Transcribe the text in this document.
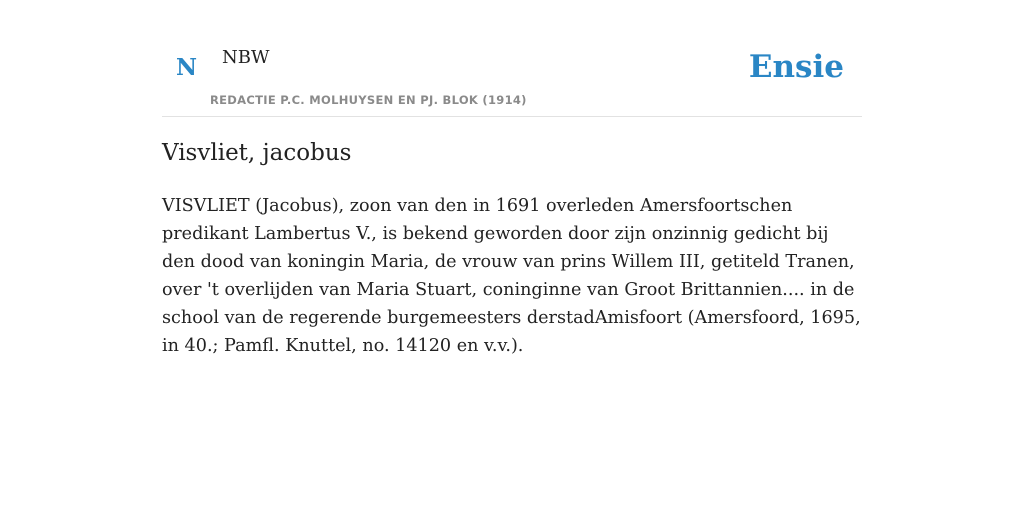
N NBW
REDACTIE P.C. MOLHUYSEN EN PJ. BLOK (1914)
Ensie
Visvliet, jacobus

VISVLIET (Jacobus), zoon van den in 1691 overleden Amersfoortschen predikant Lambertus V., is bekend geworden door zijn onzinnig gedicht bij den dood van koningin Maria, de vrouw van prins Willem III, getiteld Tranen, over 't overlijden van Maria Stuart, coninginne van Groot Brittannien.... in de school van de regerende burgemeesters derstadAmisfoort (Amersfoord, 1695, in 40.; Pamfl. Knuttel, no. 14120 en v.v.).
